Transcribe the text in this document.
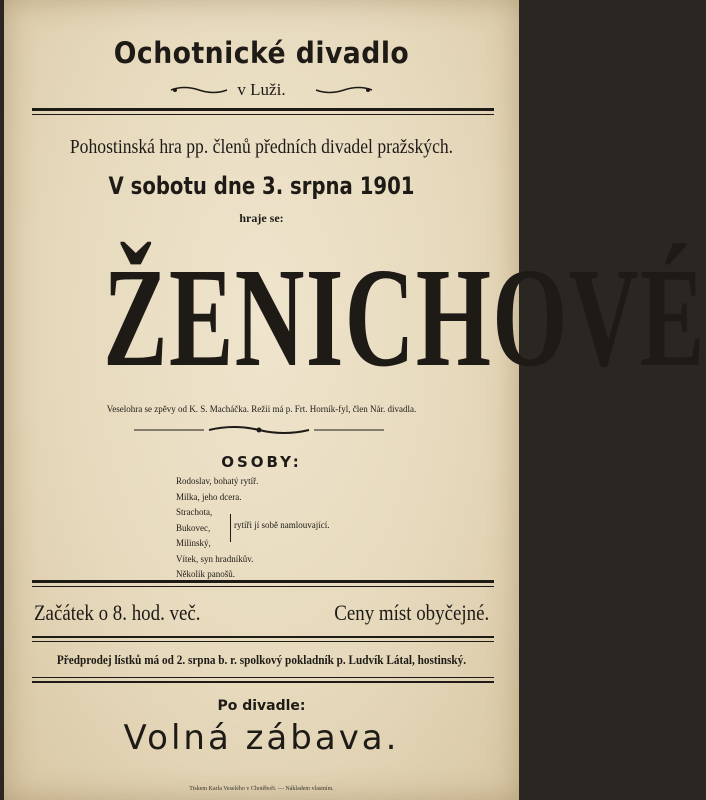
Ochotnické divadlo
v Luži.
Pohostinská hra pp. členů předních divadel pražských.
V sobotu dne 3. srpna 1901
hraje se:
ŽENICHOVÉ
Veselohra se zpěvy od K. S. Macháčka. Režii má p. Frt. Horník-fyl, člen Nár. divadla.
OSOBY:
Rodoslav, bohatý rytíř.
Milka, jeho dcera.
Strachota,
Bukovec,
Milinský,
Vítek, syn hradníkův.
Několik panošů.
rytíři jí sobě namlouvající.
Začátek o 8. hod. več.	Ceny míst obyčejné.
Předprodej lístků má od 2. srpna b. r. spolkový pokladník p. Ludvík Látal, hostinský.
Po divadle:
Volná zábava.
Tiskem Karla Veselého v Chotěboři. — Nákladem vlastním.
